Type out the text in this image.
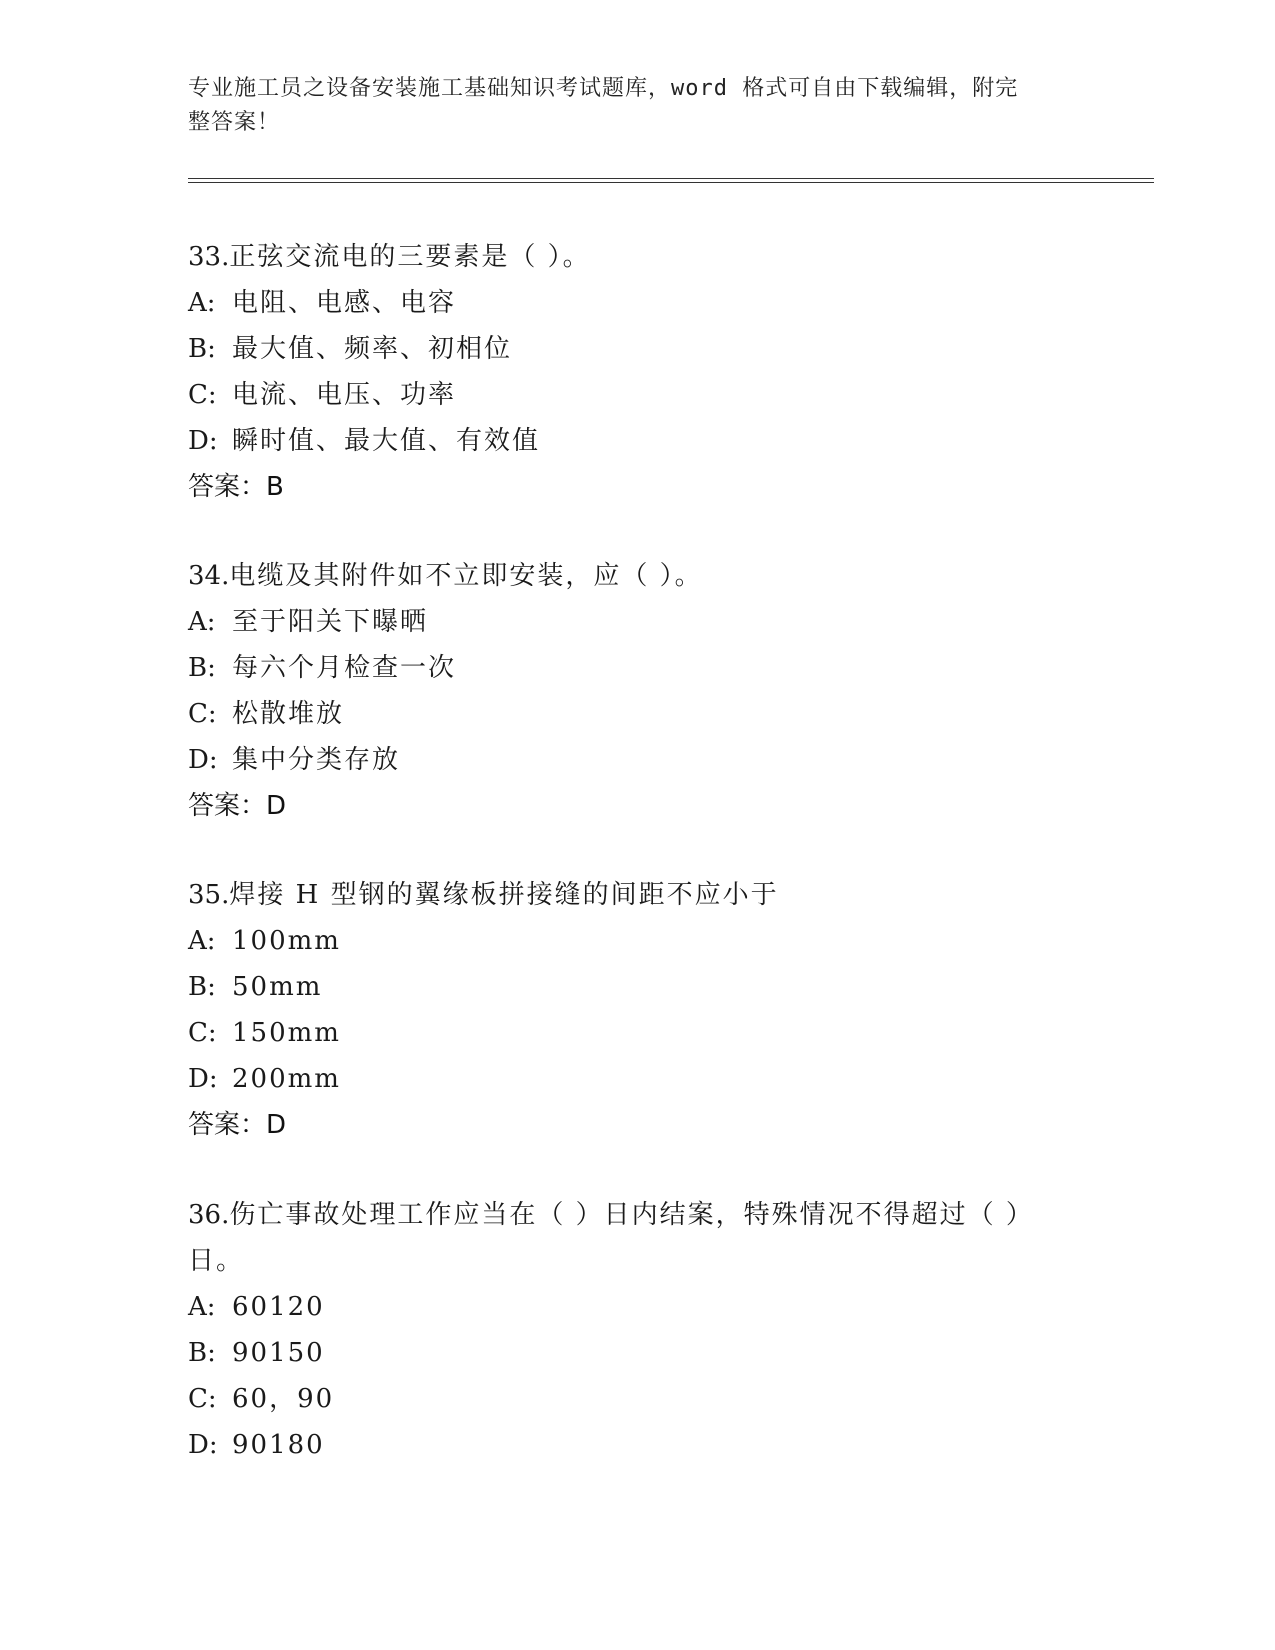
专业施工员之设备安装施工基础知识考试题库，word 格式可自由下载编辑，附完
整答案！

33.正弦交流电的三要素是（ ）。

A: 电阻、电感、电容
B: 最大值、频率、初相位
C: 电流、电压、功率
D: 瞬时值、最大值、有效值
答案：B

34.电缆及其附件如不立即安装，应（ ）。

A: 至于阳关下曝晒
B: 每六个月检查一次
C: 松散堆放
D: 集中分类存放
答案：D

35.焊接 H 型钢的翼缘板拼接缝的间距不应小于

A: 100mm
B: 50mm
C: 150mm
D: 200mm
答案：D

36.伤亡事故处理工作应当在（ ）日内结案，特殊情况不得超过（ ）

日。

A: 60120
B: 90150
C: 60，90
D: 90180
